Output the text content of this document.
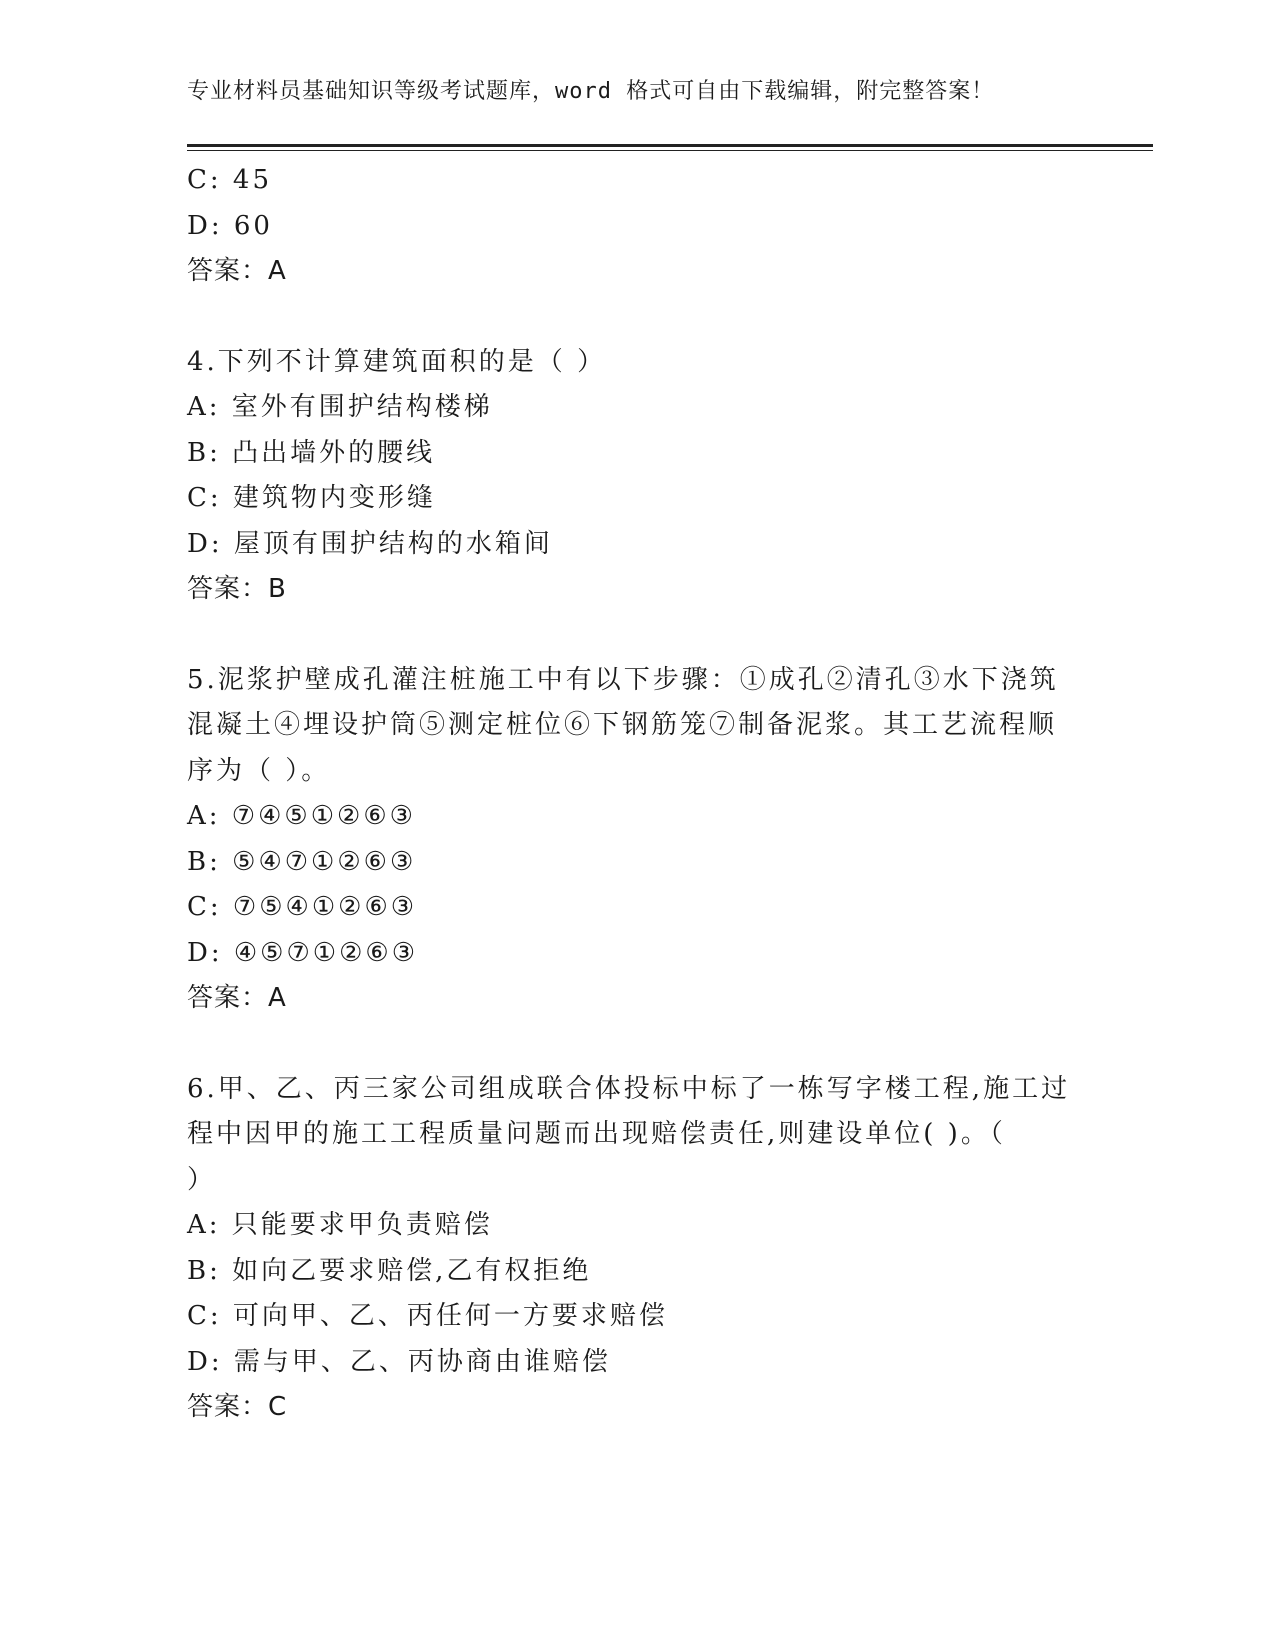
专业材料员基础知识等级考试题库，word 格式可自由下载编辑，附完整答案！
C: 45
D: 60
答案：A
4.下列不计算建筑面积的是（ ）
A: 室外有围护结构楼梯
B: 凸出墙外的腰线
C: 建筑物内变形缝
D: 屋顶有围护结构的水箱间
答案：B
5.泥浆护壁成孔灌注桩施工中有以下步骤：①成孔②清孔③水下浇筑
混凝土④埋设护筒⑤测定桩位⑥下钢筋笼⑦制备泥浆。其工艺流程顺
序为（ ）。
A: ⑦④⑤①②⑥③
B: ⑤④⑦①②⑥③
C: ⑦⑤④①②⑥③
D: ④⑤⑦①②⑥③
答案：A
6.甲、乙、丙三家公司组成联合体投标中标了一栋写字楼工程,施工过
程中因甲的施工工程质量问题而出现赔偿责任,则建设单位( )。（
）
A: 只能要求甲负责赔偿
B: 如向乙要求赔偿,乙有权拒绝
C: 可向甲、乙、丙任何一方要求赔偿
D: 需与甲、乙、丙协商由谁赔偿
答案：C
